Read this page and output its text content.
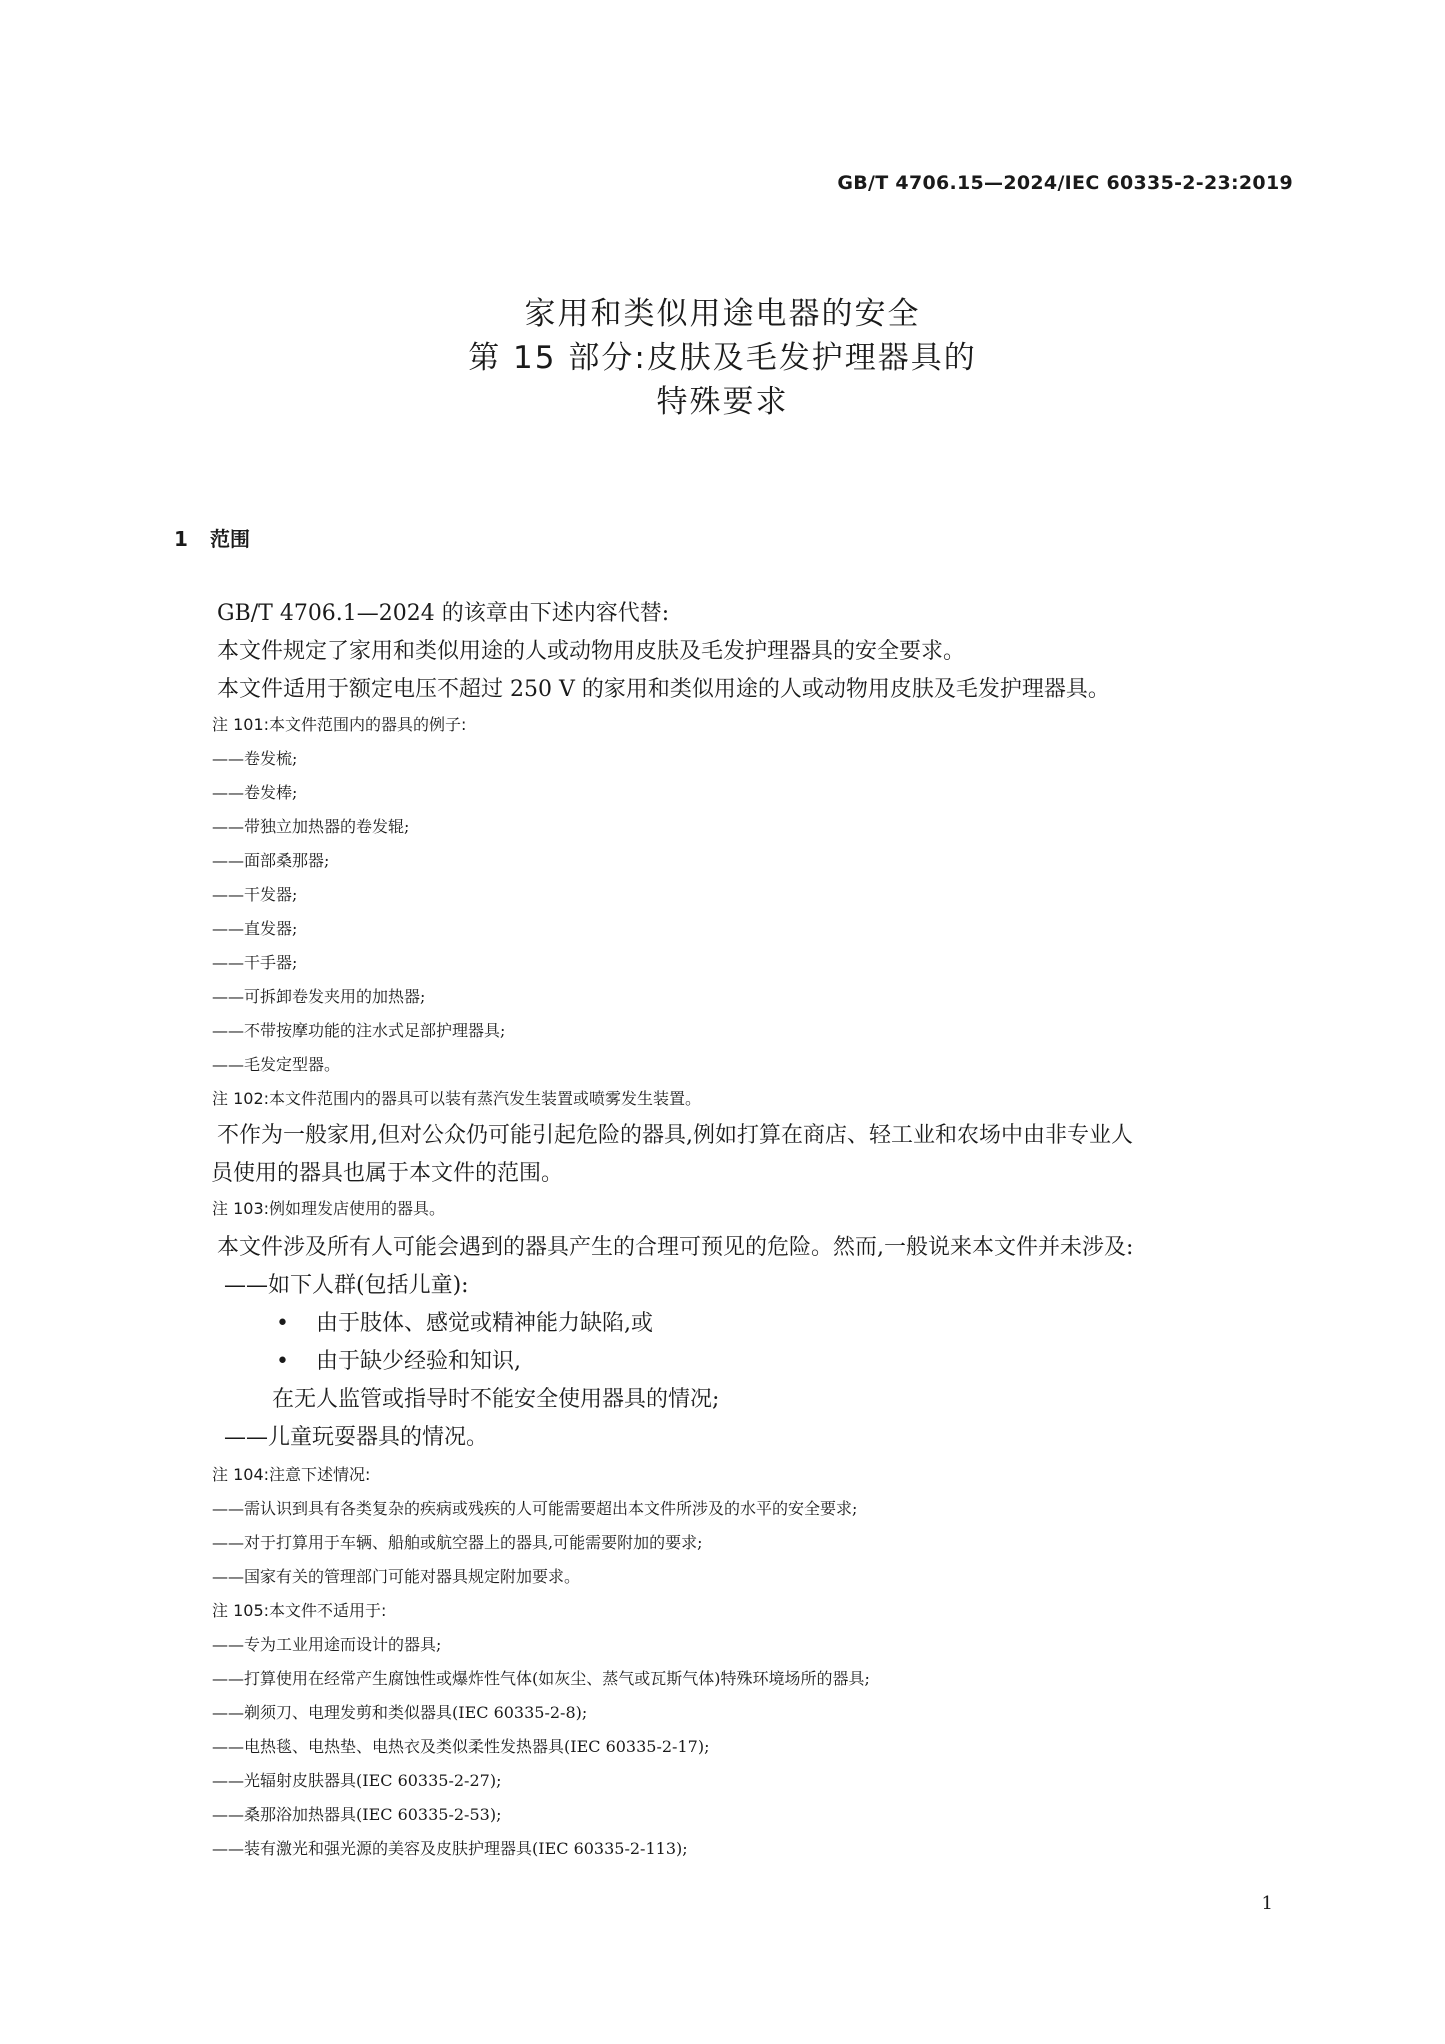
GB/T 4706.15—2024/IEC 60335-2-23:2019
家用和类似用途电器的安全
第 15 部分:皮肤及毛发护理器具的
特殊要求
1 范围
GB/T 4706.1—2024 的该章由下述内容代替:
本文件规定了家用和类似用途的人或动物用皮肤及毛发护理器具的安全要求。
本文件适用于额定电压不超过 250 V 的家用和类似用途的人或动物用皮肤及毛发护理器具。
注 101:本文件范围内的器具的例子:
——卷发梳;
——卷发棒;
——带独立加热器的卷发辊;
——面部桑那器;
——干发器;
——直发器;
——干手器;
——可拆卸卷发夹用的加热器;
——不带按摩功能的注水式足部护理器具;
——毛发定型器。
注 102:本文件范围内的器具可以装有蒸汽发生装置或喷雾发生装置。
不作为一般家用,但对公众仍可能引起危险的器具,例如打算在商店、轻工业和农场中由非专业人
员使用的器具也属于本文件的范围。
注 103:例如理发店使用的器具。
本文件涉及所有人可能会遇到的器具产生的合理可预见的危险。然而,一般说来本文件并未涉及:
——如下人群(包括儿童):
• 由于肢体、感觉或精神能力缺陷,或
• 由于缺少经验和知识,
在无人监管或指导时不能安全使用器具的情况;
——儿童玩耍器具的情况。
注 104:注意下述情况:
——需认识到具有各类复杂的疾病或残疾的人可能需要超出本文件所涉及的水平的安全要求;
——对于打算用于车辆、船舶或航空器上的器具,可能需要附加的要求;
——国家有关的管理部门可能对器具规定附加要求。
注 105:本文件不适用于:
——专为工业用途而设计的器具;
——打算使用在经常产生腐蚀性或爆炸性气体(如灰尘、蒸气或瓦斯气体)特殊环境场所的器具;
——剃须刀、电理发剪和类似器具(IEC 60335-2-8);
——电热毯、电热垫、电热衣及类似柔性发热器具(IEC 60335-2-17);
——光辐射皮肤器具(IEC 60335-2-27);
——桑那浴加热器具(IEC 60335-2-53);
——装有激光和强光源的美容及皮肤护理器具(IEC 60335-2-113);
1
